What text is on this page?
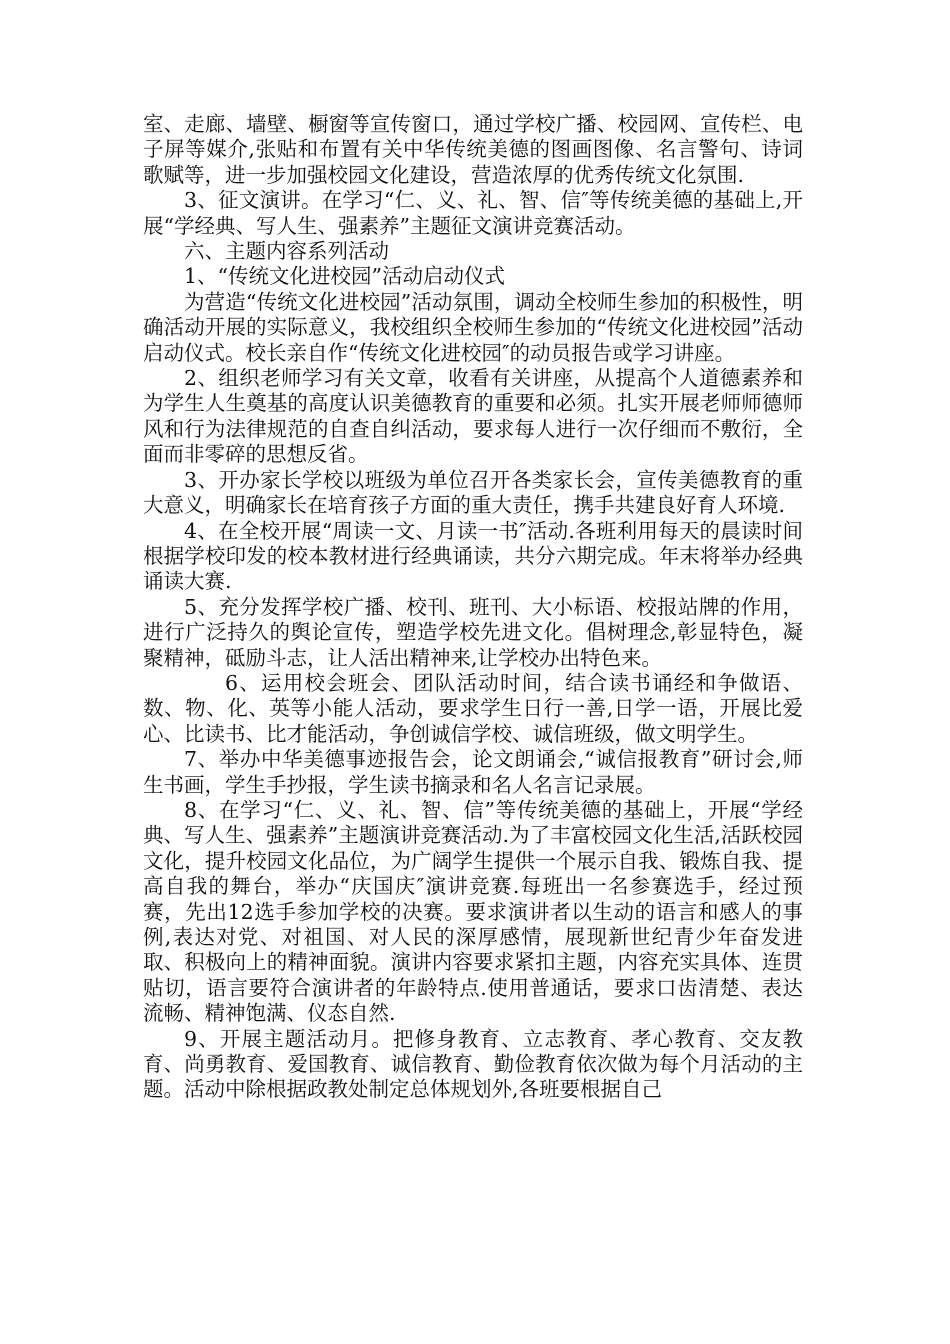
室、走廊、墙壁、橱窗等宣传窗口，通过学校广播、校园网、宣传栏、电子屏等媒介,张贴和布置有关中华传统美德的图画图像、名言警句、诗词歌赋等，进一步加强校园文化建设，营造浓厚的优秀传统文化氛围.

3、征文演讲。在学习“仁、义、礼、智、信″等传统美德的基础上,开展“学经典、写人生、强素养”主题征文演讲竞赛活动。

六、主题内容系列活动

1、“传统文化进校园”活动启动仪式

为营造“传统文化进校园”活动氛围，调动全校师生参加的积极性，明确活动开展的实际意义，我校组织全校师生参加的“传统文化进校园”活动启动仪式。校长亲自作“传统文化进校园″的动员报告或学习讲座。

2、组织老师学习有关文章，收看有关讲座，从提高个人道德素养和为学生人生奠基的高度认识美德教育的重要和必须。扎实开展老师师德师风和行为法律规范的自查自纠活动，要求每人进行一次仔细而不敷衍，全面而非零碎的思想反省。

3、开办家长学校以班级为单位召开各类家长会，宣传美德教育的重大意义，明确家长在培育孩子方面的重大责任，携手共建良好育人环境.

4、在全校开展“周读一文、月读一书″活动.各班利用每天的晨读时间根据学校印发的校本教材进行经典诵读，共分六期完成。年末将举办经典诵读大赛.

5、充分发挥学校广播、校刊、班刊、大小标语、校报站牌的作用，进行广泛持久的舆论宣传，塑造学校先进文化。倡树理念,彰显特色，凝聚精神，砥励斗志，让人活出精神来,让学校办出特色来。

6、运用校会班会、团队活动时间，结合读书诵经和争做语、数、物、化、英等小能人活动，要求学生日行一善,日学一语，开展比爱心、比读书、比才能活动，争创诚信学校、诚信班级，做文明学生。

7、举办中华美德事迹报告会，论文朗诵会,“诚信报教育”研讨会,师生书画，学生手抄报，学生读书摘录和名人名言记录展。

8、在学习“仁、义、礼、智、信”等传统美德的基础上，开展“学经典、写人生、强素养”主题演讲竞赛活动.为了丰富校园文化生活,活跃校园文化，提升校园文化品位，为广阔学生提供一个展示自我、锻炼自我、提高自我的舞台，举办“庆国庆″演讲竞赛.每班出一名参赛选手，经过预赛，先出12选手参加学校的决赛。要求演讲者以生动的语言和感人的事例,表达对党、对祖国、对人民的深厚感情，展现新世纪青少年奋发进取、积极向上的精神面貌。演讲内容要求紧扣主题，内容充实具体、连贯贴切，语言要符合演讲者的年龄特点.使用普通话，要求口齿清楚、表达流畅、精神饱满、仪态自然.

9、开展主题活动月。把修身教育、立志教育、孝心教育、交友教育、尚勇教育、爱国教育、诚信教育、勤俭教育依次做为每个月活动的主题。活动中除根据政教处制定总体规划外,各班要根据自己
